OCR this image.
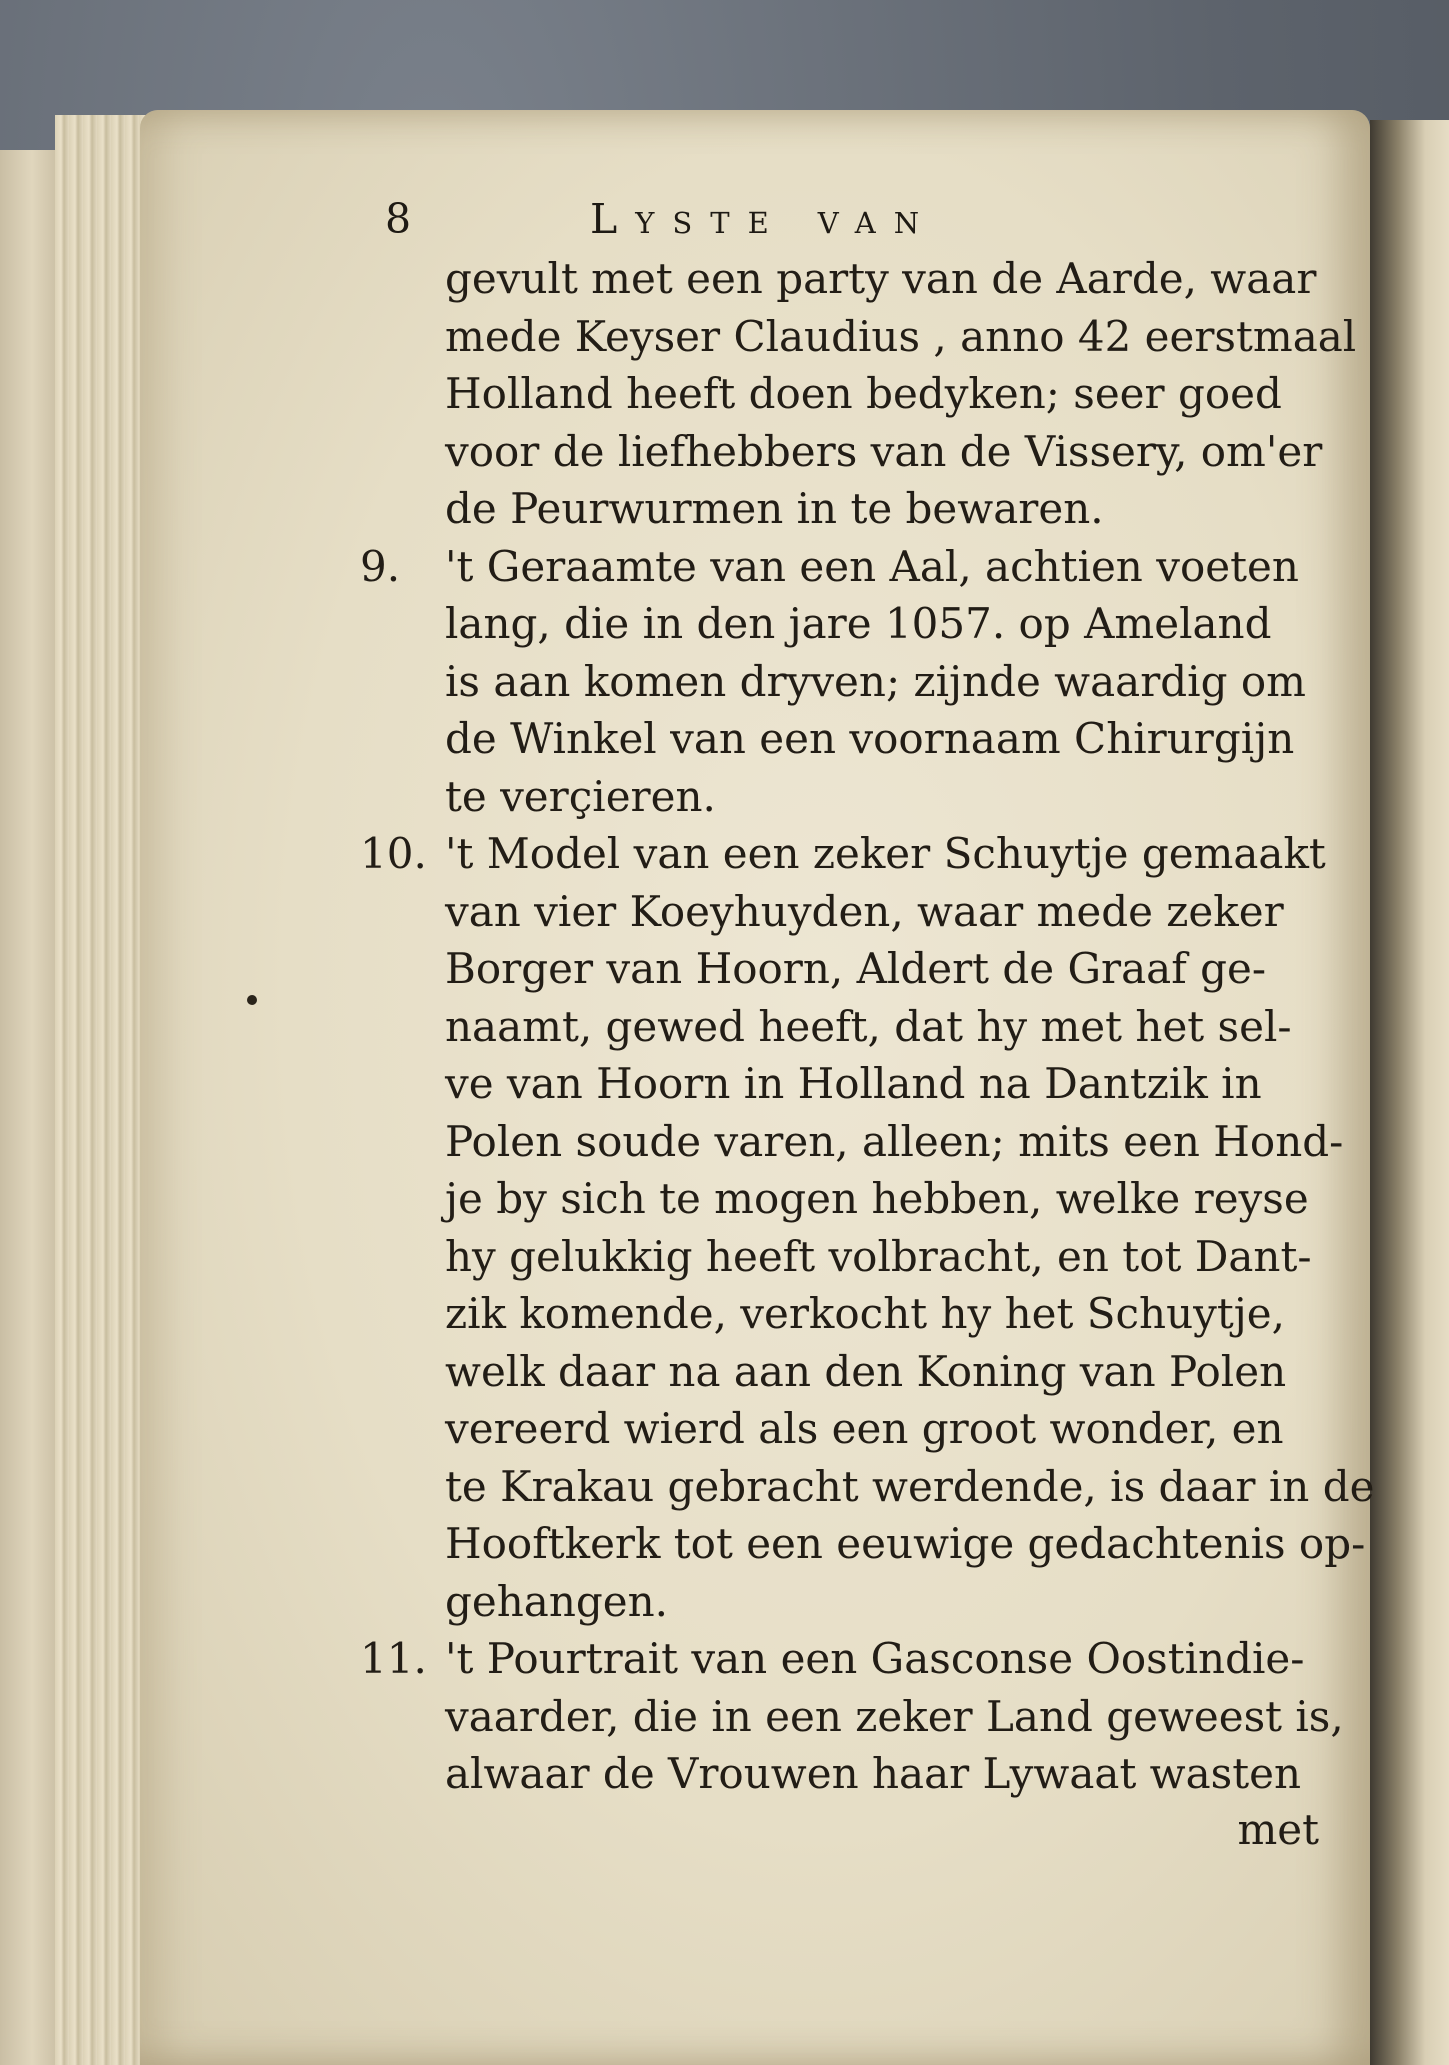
8	Lyste van
gevult met een party van de Aarde, waar
mede Keyser Claudius , anno 42 eerstmaal
Holland heeft doen bedyken; seer goed
voor de liefhebbers van de Vissery, om'er
de Peurwurmen in te bewaren.
9. 't Geraamte van een Aal, achtien voeten
lang, die in den jare 1057. op Ameland
is aan komen dryven; zijnde waardig om
de Winkel van een voornaam Chirurgijn
te verçieren.
10. 't Model van een zeker Schuytje gemaakt
van vier Koeyhuyden, waar mede zeker
Borger van Hoorn, Aldert de Graaf ge-
naamt, gewed heeft, dat hy met het sel-
ve van Hoorn in Holland na Dantzik in
Polen soude varen, alleen; mits een Hond-
je by sich te mogen hebben, welke reyse
hy gelukkig heeft volbracht, en tot Dant-
zik komende, verkocht hy het Schuytje,
welk daar na aan den Koning van Polen
vereerd wierd als een groot wonder, en
te Krakau gebracht werdende, is daar in de
Hooftkerk tot een eeuwige gedachtenis op-
gehangen.
11. 't Pourtrait van een Gasconse Oostindie-
vaarder, die in een zeker Land geweest is,
alwaar de Vrouwen haar Lywaat wasten
met
